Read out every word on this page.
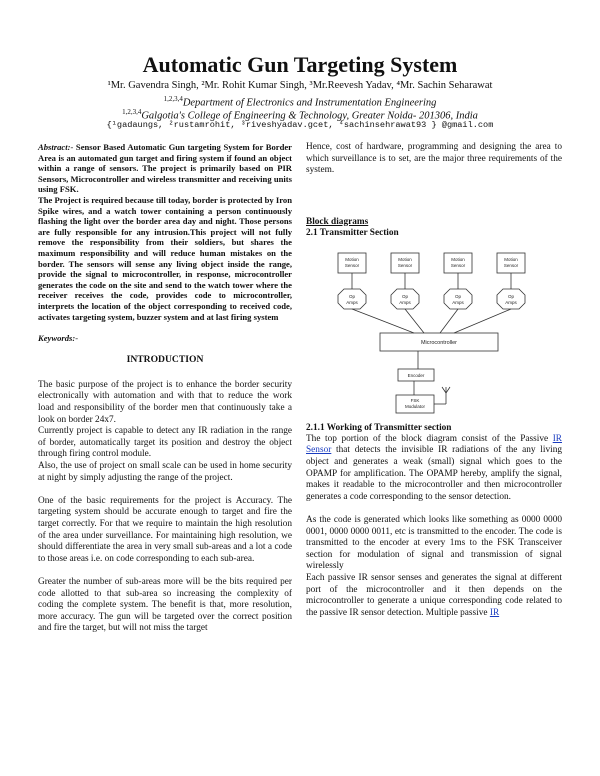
Automatic Gun Targeting System
¹Mr. Gavendra Singh, ²Mr. Rohit Kumar Singh, ³Mr.Reevesh Yadav, ⁴Mr. Sachin Seharawat
$^{1,2,3,4}$Department of Electronics and Instrumentation Engineering
$^{1,2,3,4}$Galgotia's College of Engineering & Technology, Greater Noida- 201306, India
{¹gadaungs, ²rustamrohit, ³riveshyadav.gcet, ⁴sachinsehrawat93 } @gmail.com

Abstract:- Sensor Based Automatic Gun targeting System for Border Area is an automated gun target and firing system if found an object within a range of sensors. The project is primarily based on PIR Sensors, Microcontroller and wireless transmitter and receiving units using FSK.

The Project is required because till today, border is protected by Iron Spike wires, and a watch tower containing a person continuously flashing the light over the border area day and night. Those persons are fully responsible for any intrusion.This project will not fully remove the responsibility from their soldiers, but shares the maximum responsibility and will reduce human mistakes on the border. The sensors will sense any living object inside the range, provide the signal to microcontroller, in response, microcontroller generates the code on the site and send to the watch tower where the receiver receives the code, provides code to microcontroller, interprets the location of the object corresponding to received code, activates targeting system, buzzer system and at last firing system

Keywords:-
INTRODUCTION

The basic purpose of the project is to enhance the border security electronically with automation and with that to reduce the work load and responsibility of the border men that continuously take a look on border 24x7.

Currently project is capable to detect any IR radiation in the range of border, automatically target its position and destroy the object through firing control module.

Also, the use of project on small scale can be used in home security at night by simply adjusting the range of the project.

One of the basic requirements for the project is Accuracy. The targeting system should be accurate enough to target and fire the target correctly. For that we require to maintain the high resolution of the area under surveillance. For maintaining high resolution, we should differentiate the area in very small sub-areas and a lot a code to those areas i.e. on code corresponding to each sub-area.

Greater the number of sub-areas more will be the bits required per code allotted to that sub-area so increasing the complexity of coding the complete system. The benefit is that, more resolution, more accuracy. The gun will be targeted over the correct position and fire the target, but will not miss the target

Hence, cost of hardware, programming and designing the area to which surveillance is to set, are the major three requirements of the system.

Block diagrams
2.1 Transmitter Section
Motion
Sensor
Motion
Sensor
Motion
Sensor
Motion
Sensor
Op
Amps
Op
Amps
Op
Amps
Op
Amps
Microcontroller
Encoder
FSK
Modulator
2.1.1 Working of Transmitter section

The top portion of the block diagram consist of the Passive IR Sensor that detects the invisible IR radiations of the any living object and generates a weak (small) signal which goes to the OPAMP for amplification. The OPAMP hereby, amplify the signal, makes it readable to the microcontroller and then microcontroller generates a code corresponding to the sensor detection.

As the code is generated which looks like something as 0000 0000 0001, 0000 0000 0011, etc is transmitted to the encoder. The code is transmitted to the encoder at every 1ms to the FSK Transceiver section for modulation of signal and transmission of signal wirelessly

Each passive IR sensor senses and generates the signal at different port of the microcontroller and it then depends on the microcontroller to generate a unique corresponding code related to the passive IR sensor detection. Multiple passive IR
